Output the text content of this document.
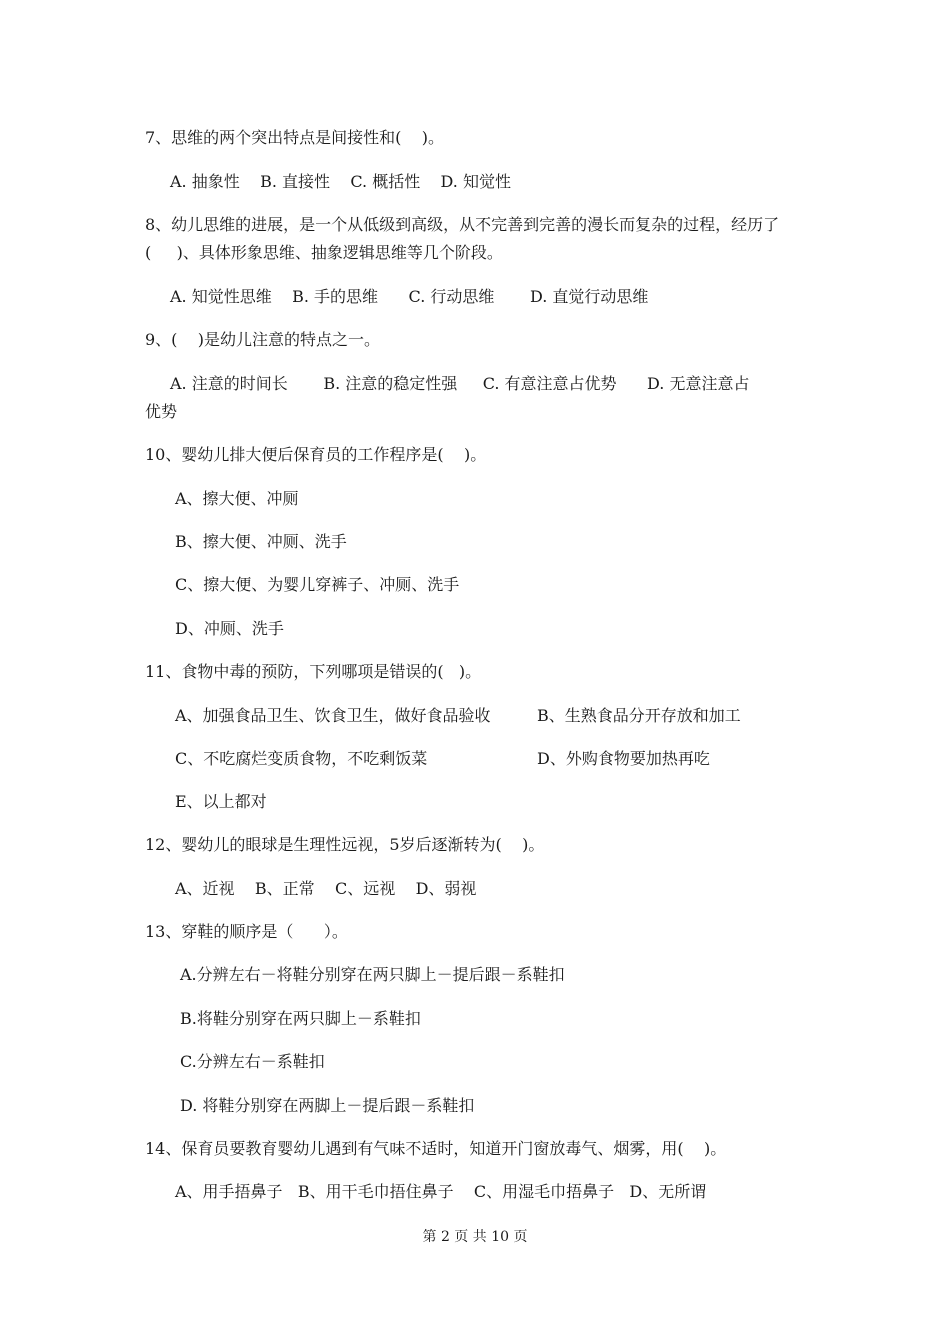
7、思维的两个突出特点是间接性和(    )。
A. 抽象性    B. 直接性    C. 概括性    D. 知觉性
8、幼儿思维的进展，是一个从低级到高级，从不完善到完善的漫长而复杂的过程，经历了
(     )、具体形象思维、抽象逻辑思维等几个阶段。
A. 知觉性思维    B. 手的思维      C. 行动思维       D. 直觉行动思维
9、(    )是幼儿注意的特点之一。
A. 注意的时间长       B. 注意的稳定性强     C. 有意注意占优势      D. 无意注意占
优势
10、婴幼儿排大便后保育员的工作程序是(    )。
A、擦大便、冲厕
B、擦大便、冲厕、洗手
C、擦大便、为婴儿穿裤子、冲厕、洗手
D、冲厕、洗手
11、食物中毒的预防，下列哪项是错误的(   )。
A、加强食品卫生、饮食卫生，做好食品验收	B、生熟食品分开存放和加工
C、不吃腐烂变质食物，不吃剩饭菜	D、外购食物要加热再吃
E、以上都对
12、婴幼儿的眼球是生理性远视，5岁后逐渐转为(    )。
A、近视    B、正常    C、远视    D、弱视
13、穿鞋的顺序是（      ）。
A.分辨左右－将鞋分别穿在两只脚上－提后跟－系鞋扣
B.将鞋分别穿在两只脚上－系鞋扣
C.分辨左右－系鞋扣
D. 将鞋分别穿在两脚上－提后跟－系鞋扣
14、保育员要教育婴幼儿遇到有气味不适时，知道开门窗放毒气、烟雾，用(    )。
A、用手捂鼻子   B、用干毛巾捂住鼻子    C、用湿毛巾捂鼻子   D、无所谓
第 2 页 共 10 页
